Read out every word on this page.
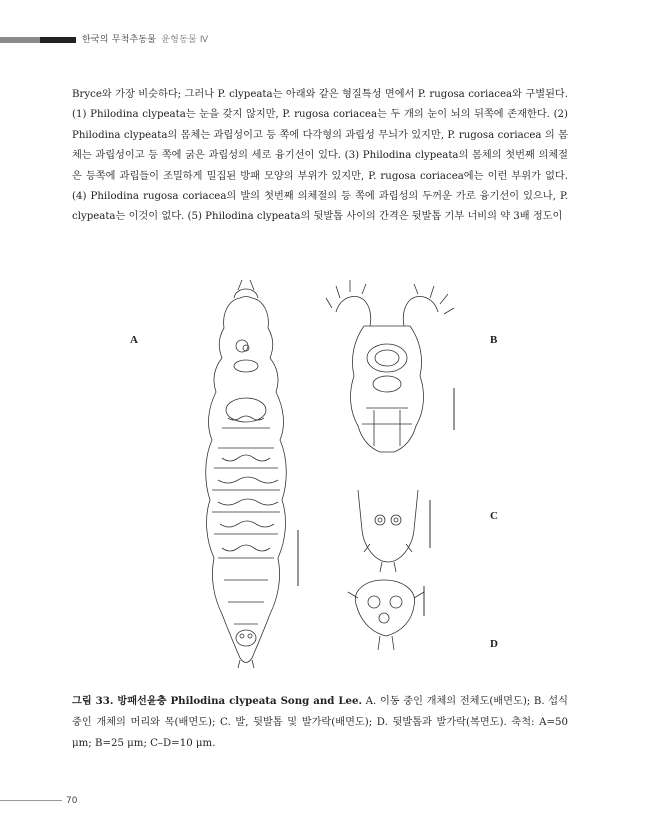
한국의 무척추동물 윤형동물 Ⅳ

Bryce와 가장 비슷하다; 그러나 P. clypeata는 아래와 같은 형질특성 면에서 P. rugosa coriacea와 구별된다. (1) Philodina clypeata는 눈을 갖지 않지만, P. rugosa coriacea는 두 개의 눈이 뇌의 뒤쪽에 존재한다. (2) Philodina clypeata의 몸체는 과립성이고 등 쪽에 다각형의 과립성 무늬가 있지만, P. rugosa coriacea 의 몸체는 과립성이고 등 쪽에 굵은 과립성의 세로 융기선이 있다. (3) Philodina clypeata의 몸체의 첫번째 의체절은 등쪽에 과립들이 조밀하게 밀집된 방패 모양의 부위가 있지만, P. rugosa coriacea에는 이런 부위가 없다. (4) Philodina rugosa coriacea의 발의 첫번째 의체절의 등 쪽에 과립성의 두꺼운 가로 융기선이 있으나, P. clypeata는 이것이 없다. (5) Philodina clypeata의 뒷발톱 사이의 간격은 뒷발톱 기부 너비의 약 3배 정도이

A	B
C
D
그림 33. 방패선윤충 Philodina clypeata Song and Lee. A. 이동 중인 개체의 전체도(배면도); B. 섭식 중인 개체의 머리와 목(배면도); C. 발, 뒷발톱 및 발가락(배면도); D. 뒷발톱과 발가락(복면도). 축척: A=50 μm; B=25 μm; C–D=10 μm.
70
